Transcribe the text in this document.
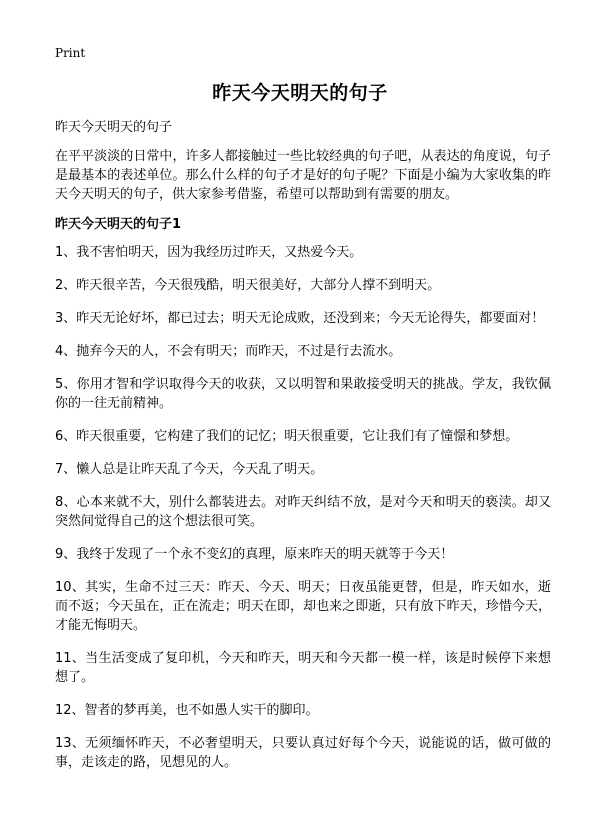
Print
昨天今天明天的句子

昨天今天明天的句子

在平平淡淡的日常中，许多人都接触过一些比较经典的句子吧，从表达的角度说，句子是最基本的表述单位。那么什么样的句子才是好的句子呢？下面是小编为大家收集的昨天今天明天的句子，供大家参考借鉴，希望可以帮助到有需要的朋友。

昨天今天明天的句子1

1、我不害怕明天，因为我经历过昨天，又热爱今天。
2、昨天很辛苦，今天很残酷，明天很美好，大部分人撑不到明天。
3、昨天无论好坏，都已过去；明天无论成败，还没到来；今天无论得失，都要面对！
4、抛弃今天的人，不会有明天；而昨天，不过是行去流水。
5、你用才智和学识取得今天的收获，又以明智和果敢接受明天的挑战。学友，我钦佩你的一往无前精神。
6、昨天很重要，它构建了我们的记忆；明天很重要，它让我们有了憧憬和梦想。
7、懒人总是让昨天乱了今天，今天乱了明天。
8、心本来就不大，别什么都装进去。对昨天纠结不放，是对今天和明天的亵渎。却又突然间觉得自己的这个想法很可笑。
9、我终于发现了一个永不变幻的真理，原来昨天的明天就等于今天！
10、其实，生命不过三天：昨天、今天、明天；日夜虽能更替，但是，昨天如水，逝而不返；今天虽在，正在流走；明天在即，却也来之即逝，只有放下昨天，珍惜今天，才能无悔明天。
11、当生活变成了复印机，今天和昨天，明天和今天都一模一样，该是时候停下来想想了。
12、智者的梦再美，也不如愚人实干的脚印。
13、无须缅怀昨天，不必奢望明天，只要认真过好每个今天，说能说的话，做可做的事，走该走的路，见想见的人。
